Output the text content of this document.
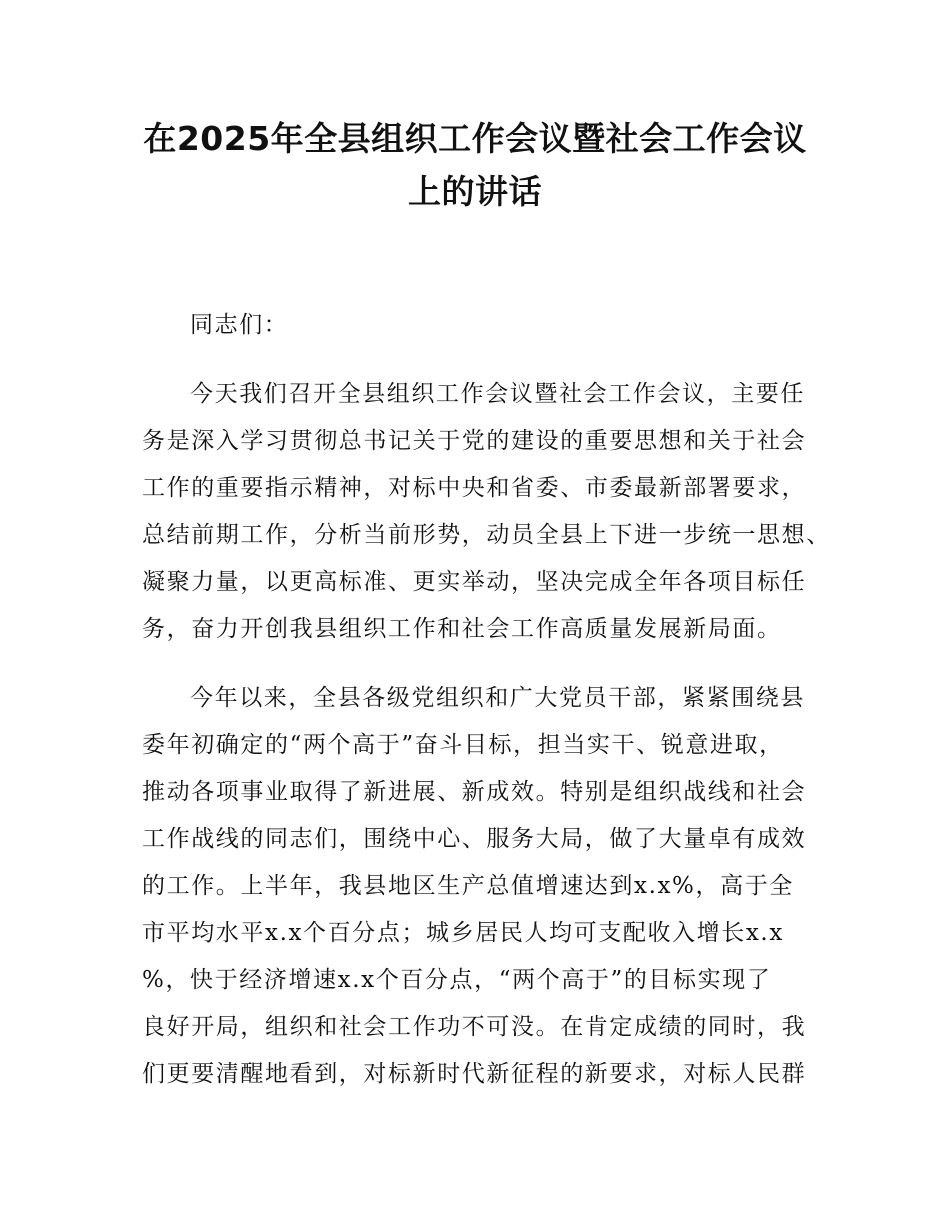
在2025年全县组织工作会议暨社会工作会议
上的讲话

同志们：

今天我们召开全县组织工作会议暨社会工作会议，主要任
务是深入学习贯彻总书记关于党的建设的重要思想和关于社会
工作的重要指示精神，对标中央和省委、市委最新部署要求，
总结前期工作，分析当前形势，动员全县上下进一步统一思想、
凝聚力量，以更高标准、更实举动，坚决完成全年各项目标任
务，奋力开创我县组织工作和社会工作高质量发展新局面。

今年以来，全县各级党组织和广大党员干部，紧紧围绕县
委年初确定的“两个高于”奋斗目标，担当实干、锐意进取，
推动各项事业取得了新进展、新成效。特别是组织战线和社会
工作战线的同志们，围绕中心、服务大局，做了大量卓有成效
的工作。上半年，我县地区生产总值增速达到x.x%，高于全
市平均水平x.x个百分点；城乡居民人均可支配收入增长x.x
%，快于经济增速x.x个百分点，“两个高于”的目标实现了
良好开局，组织和社会工作功不可没。在肯定成绩的同时，我
们更要清醒地看到，对标新时代新征程的新要求，对标人民群
